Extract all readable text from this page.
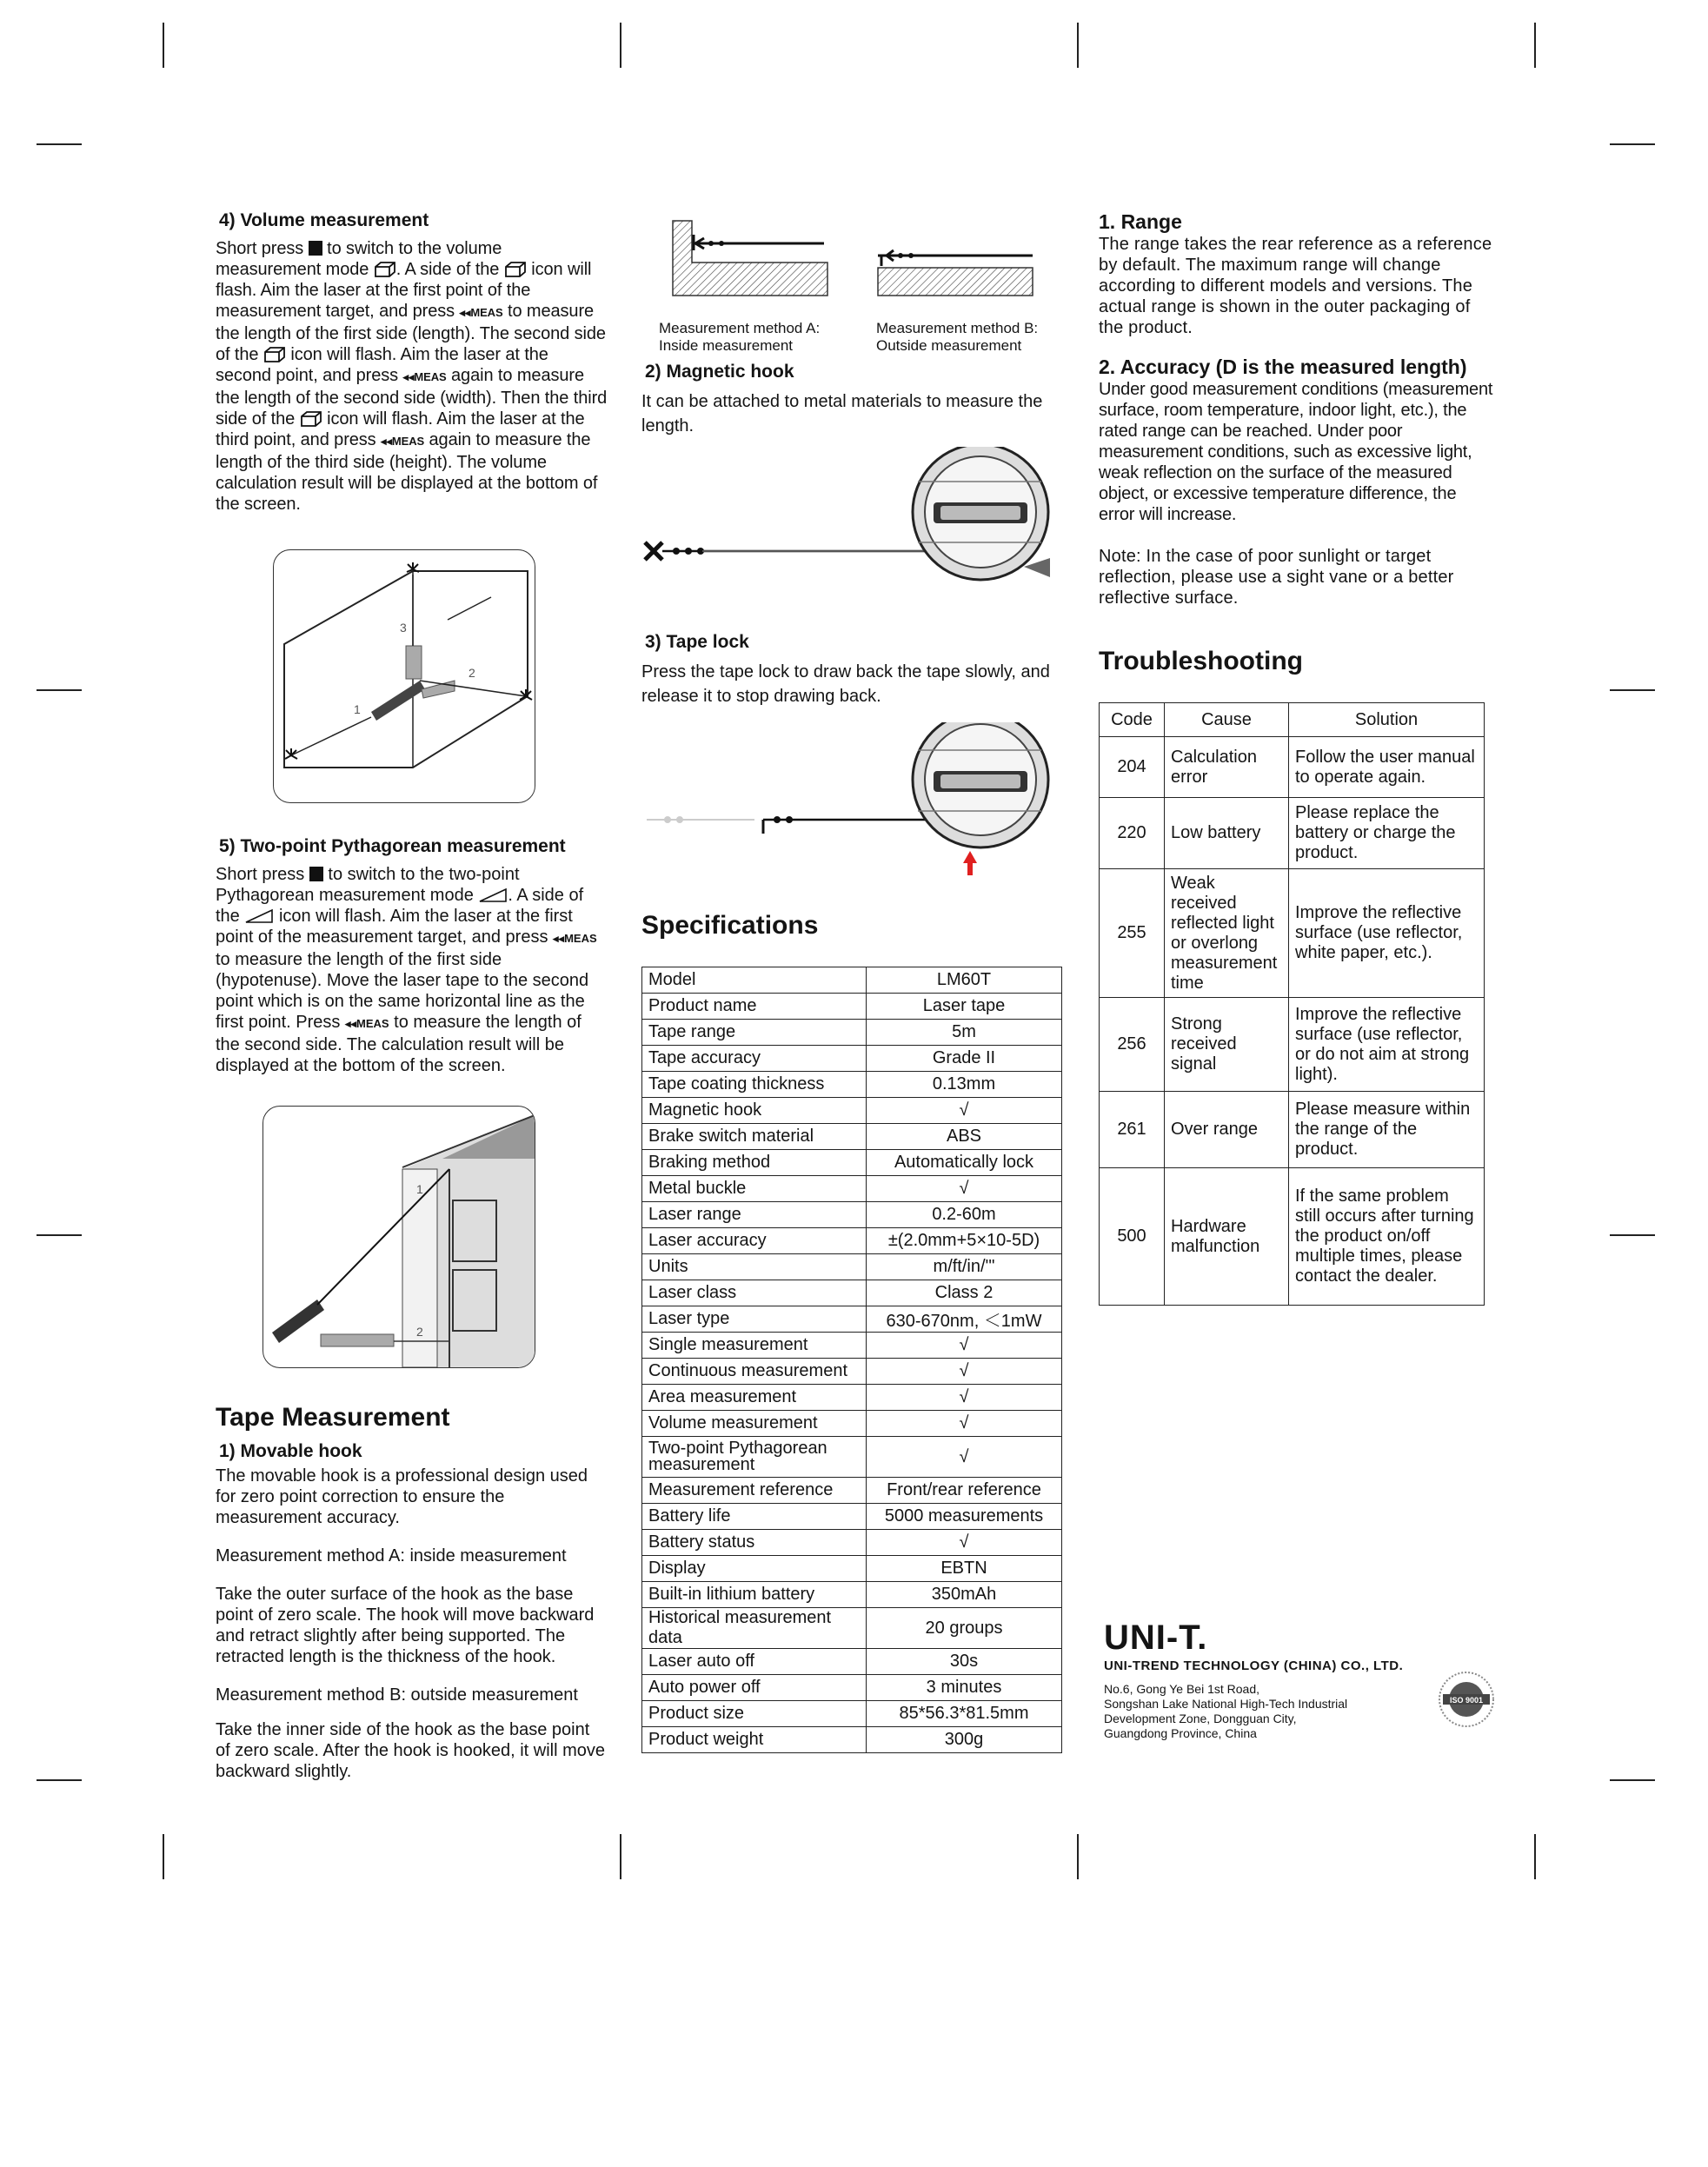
4) Volume measurement

Short press to switch to the volume measurement mode . A side of the icon will flash. Aim the laser at the first point of the measurement target, and press ◂◂MEAS to measure the length of the first side (length). The second side of the icon will flash. Aim the laser at the second point, and press ◂◂MEAS again to measure the length of the second side (width). Then the third side of the icon will flash. Aim the laser at the third point, and press ◂◂MEAS again to measure the length of the third side (height). The volume calculation result will be displayed at the bottom of the screen.

3
2
1
5) Two-point Pythagorean measurement

Short press to switch to the two-point Pythagorean measurement mode . A side of the icon will flash. Aim the laser at the first point of the measurement target, and press ◂◂MEAS to measure the length of the first side (hypotenuse). Move the laser tape to the second point which is on the same horizontal line as the first point. Press ◂◂MEAS to measure the length of the second side. The calculation result will be displayed at the bottom of the screen.

1
2
Tape Measurement
1) Movable hook

The movable hook is a professional design used for zero point correction to ensure the measurement accuracy.

Measurement method A: inside measurement

Take the outer surface of the hook as the base point of zero scale. The hook will move backward and retract slightly after being supported. The retracted length is the thickness of the hook.

Measurement method B: outside measurement

Take the inner side of the hook as the base point of zero scale. After the hook is hooked, it will move backward slightly.

Measurement method A:
Inside measurement
Measurement method B:
Outside measurement
2) Magnetic hook

It can be attached to metal materials to measure the length.

3) Tape lock

Press the tape lock to draw back the tape slowly, and release it to stop drawing back.

Specifications
Model	LM60T
Product name	Laser tape
Tape range	5m
Tape accuracy	Grade II
Tape coating thickness	0.13mm
Magnetic hook	√
Brake switch material	ABS
Braking method	Automatically lock
Metal buckle	√
Laser range	0.2-60m
Laser accuracy	±(2.0mm+5×10-5D)
Units	m/ft/in/'"
Laser class	Class 2
Laser type	630-670nm, ＜1mW
Single measurement	√
Continuous measurement	√
Area measurement	√
Volume measurement	√
Two-point Pythagorean measurement	√
Measurement reference	Front/rear reference
Battery life	5000 measurements
Battery status	√
Display	EBTN
Built-in lithium battery	350mAh
Historical measurement data	20 groups
Laser auto off	30s
Auto power off	3 minutes
Product size	85*56.3*81.5mm
Product weight	300g
1. Range

The range takes the rear reference as a reference by default. The maximum range will change according to different models and versions. The actual range is shown in the outer packaging of the product.

2. Accuracy (D is the measured length)

Under good measurement conditions (measurement surface, room temperature, indoor light, etc.), the rated range can be reached. Under poor measurement conditions, such as excessive light, weak reflection on the surface of the measured object, or excessive temperature difference, the error will increase.

Note: In the case of poor sunlight or target reflection, please use a sight vane or a better reflective surface.

Troubleshooting
Code	Cause	Solution
204	Calculation error	Follow the user manual to operate again.
220	Low battery	Please replace the battery or charge the product.
255	Weak received reflected light or overlong measurement time	Improve the reflective surface (use reflector, white paper, etc.).
256	Strong received signal	Improve the reflective surface (use reflector, or do not aim at strong light).
261	Over range	Please measure within the range of the product.
500	Hardware malfunction	If the same problem still occurs after turning the product on/off multiple times, please contact the dealer.
UNI-T.
UNI-TREND TECHNOLOGY (CHINA) CO., LTD.
No.6, Gong Ye Bei 1st Road,
Songshan Lake National High-Tech Industrial
Development Zone, Dongguan City,
Guangdong Province, China
ISO 9001
